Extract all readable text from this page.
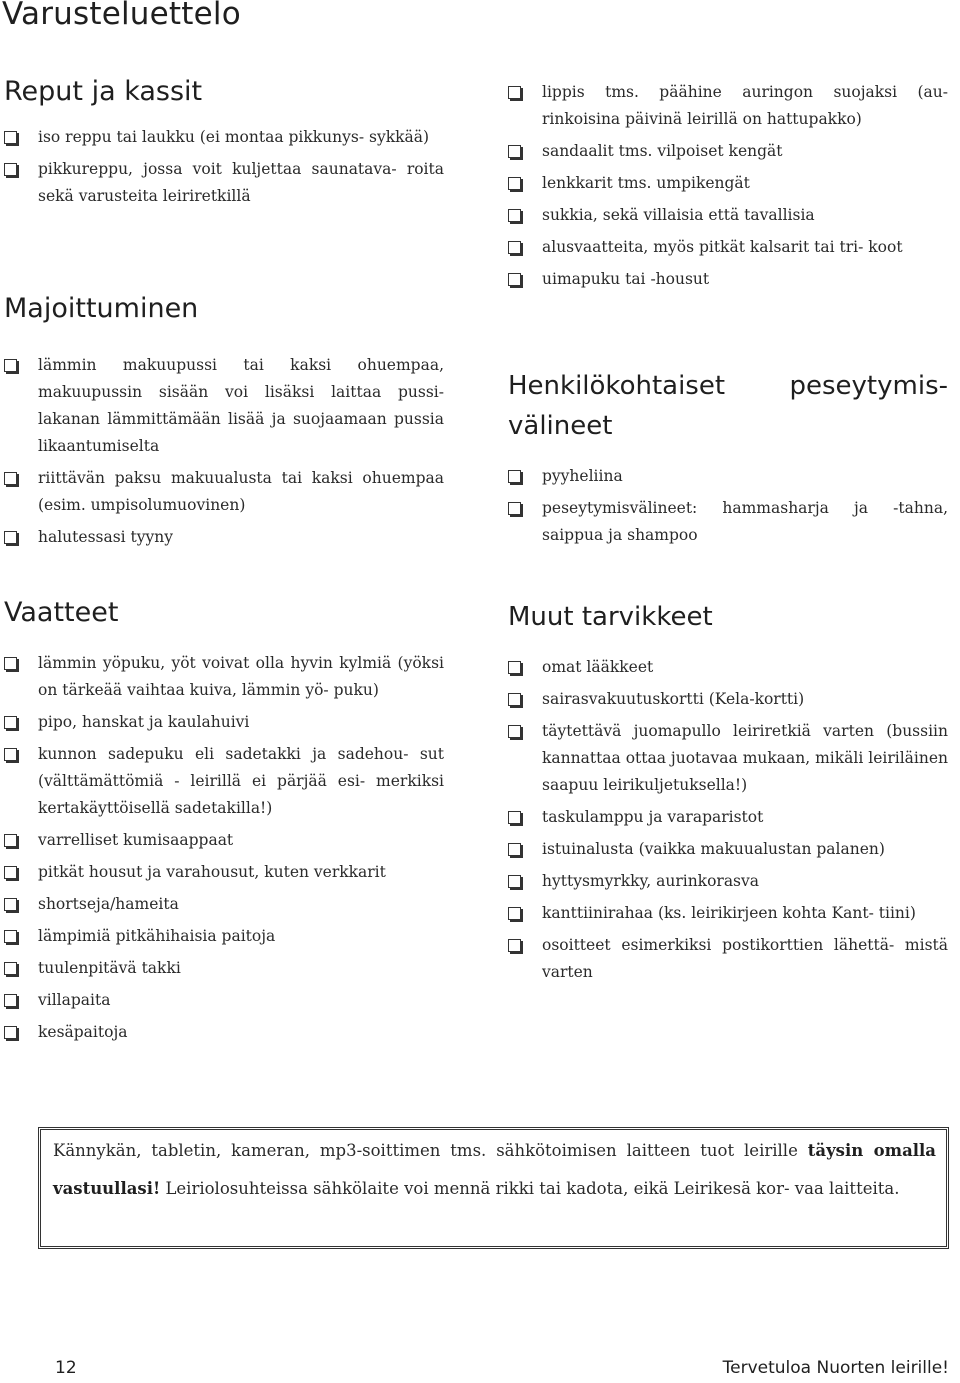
Varusteluettelo
Reput ja kassit
iso reppu tai laukku (ei montaa pikkunys- sykkää)
pikkureppu, jossa voit kuljettaa saunatava- roita sekä varusteita leiriretkillä
Majoittuminen
lämmin makuupussi tai kaksi ohuempaa, makuupussin sisään voi lisäksi laittaa pussi- lakanan lämmittämään lisää ja suojaamaan pussia likaantumiselta
riittävän paksu makuualusta tai kaksi ohuempaa (esim. umpisolumuovinen)
halutessasi tyyny
Vaatteet
lämmin yöpuku, yöt voivat olla hyvin kylmiä (yöksi on tärkeää vaihtaa kuiva, lämmin yö- puku)
pipo, hanskat ja kaulahuivi
kunnon sadepuku eli sadetakki ja sadehou- sut (välttämättömiä - leirillä ei pärjää esi- merkiksi kertakäyttöisellä sadetakilla!)
varrelliset kumisaappaat
pitkät housut ja varahousut, kuten verkkarit
shortseja/hameita
lämpimiä pitkähihaisia paitoja
tuulenpitävä takki
villapaita
kesäpaitoja
lippis tms. päähine auringon suojaksi (au- rinkoisina päivinä leirillä on hattupakko)
sandaalit tms. vilpoiset kengät
lenkkarit tms. umpikengät
sukkia, sekä villaisia että tavallisia
alusvaatteita, myös pitkät kalsarit tai tri- koot
uimapuku tai -housut
Henkilökohtaiset peseytymis- välineet
pyyheliina
peseytymisvälineet: hammasharja ja -tahna, saippua ja shampoo
Muut tarvikkeet
omat lääkkeet
sairasvakuutuskortti (Kela-kortti)
täytettävä juomapullo leiriretkiä varten (bussiin kannattaa ottaa juotavaa mukaan, mikäli leiriläinen saapuu leirikuljetuksella!)
taskulamppu ja varaparistot
istuinalusta (vaikka makuualustan palanen)
hyttysmyrkky, aurinkorasva
kanttiinirahaa (ks. leirikirjeen kohta Kant- tiini)
osoitteet esimerkiksi postikorttien lähettä- mistä varten

Kännykän, tabletin, kameran, mp3-soittimen tms. sähkötoimisen laitteen tuot leirille täysin omalla vastuullasi! Leiriolosuhteissa sähkölaite voi mennä rikki tai kadota, eikä Leirikesä kor- vaa laitteita.

12	Tervetuloa Nuorten leirille!
